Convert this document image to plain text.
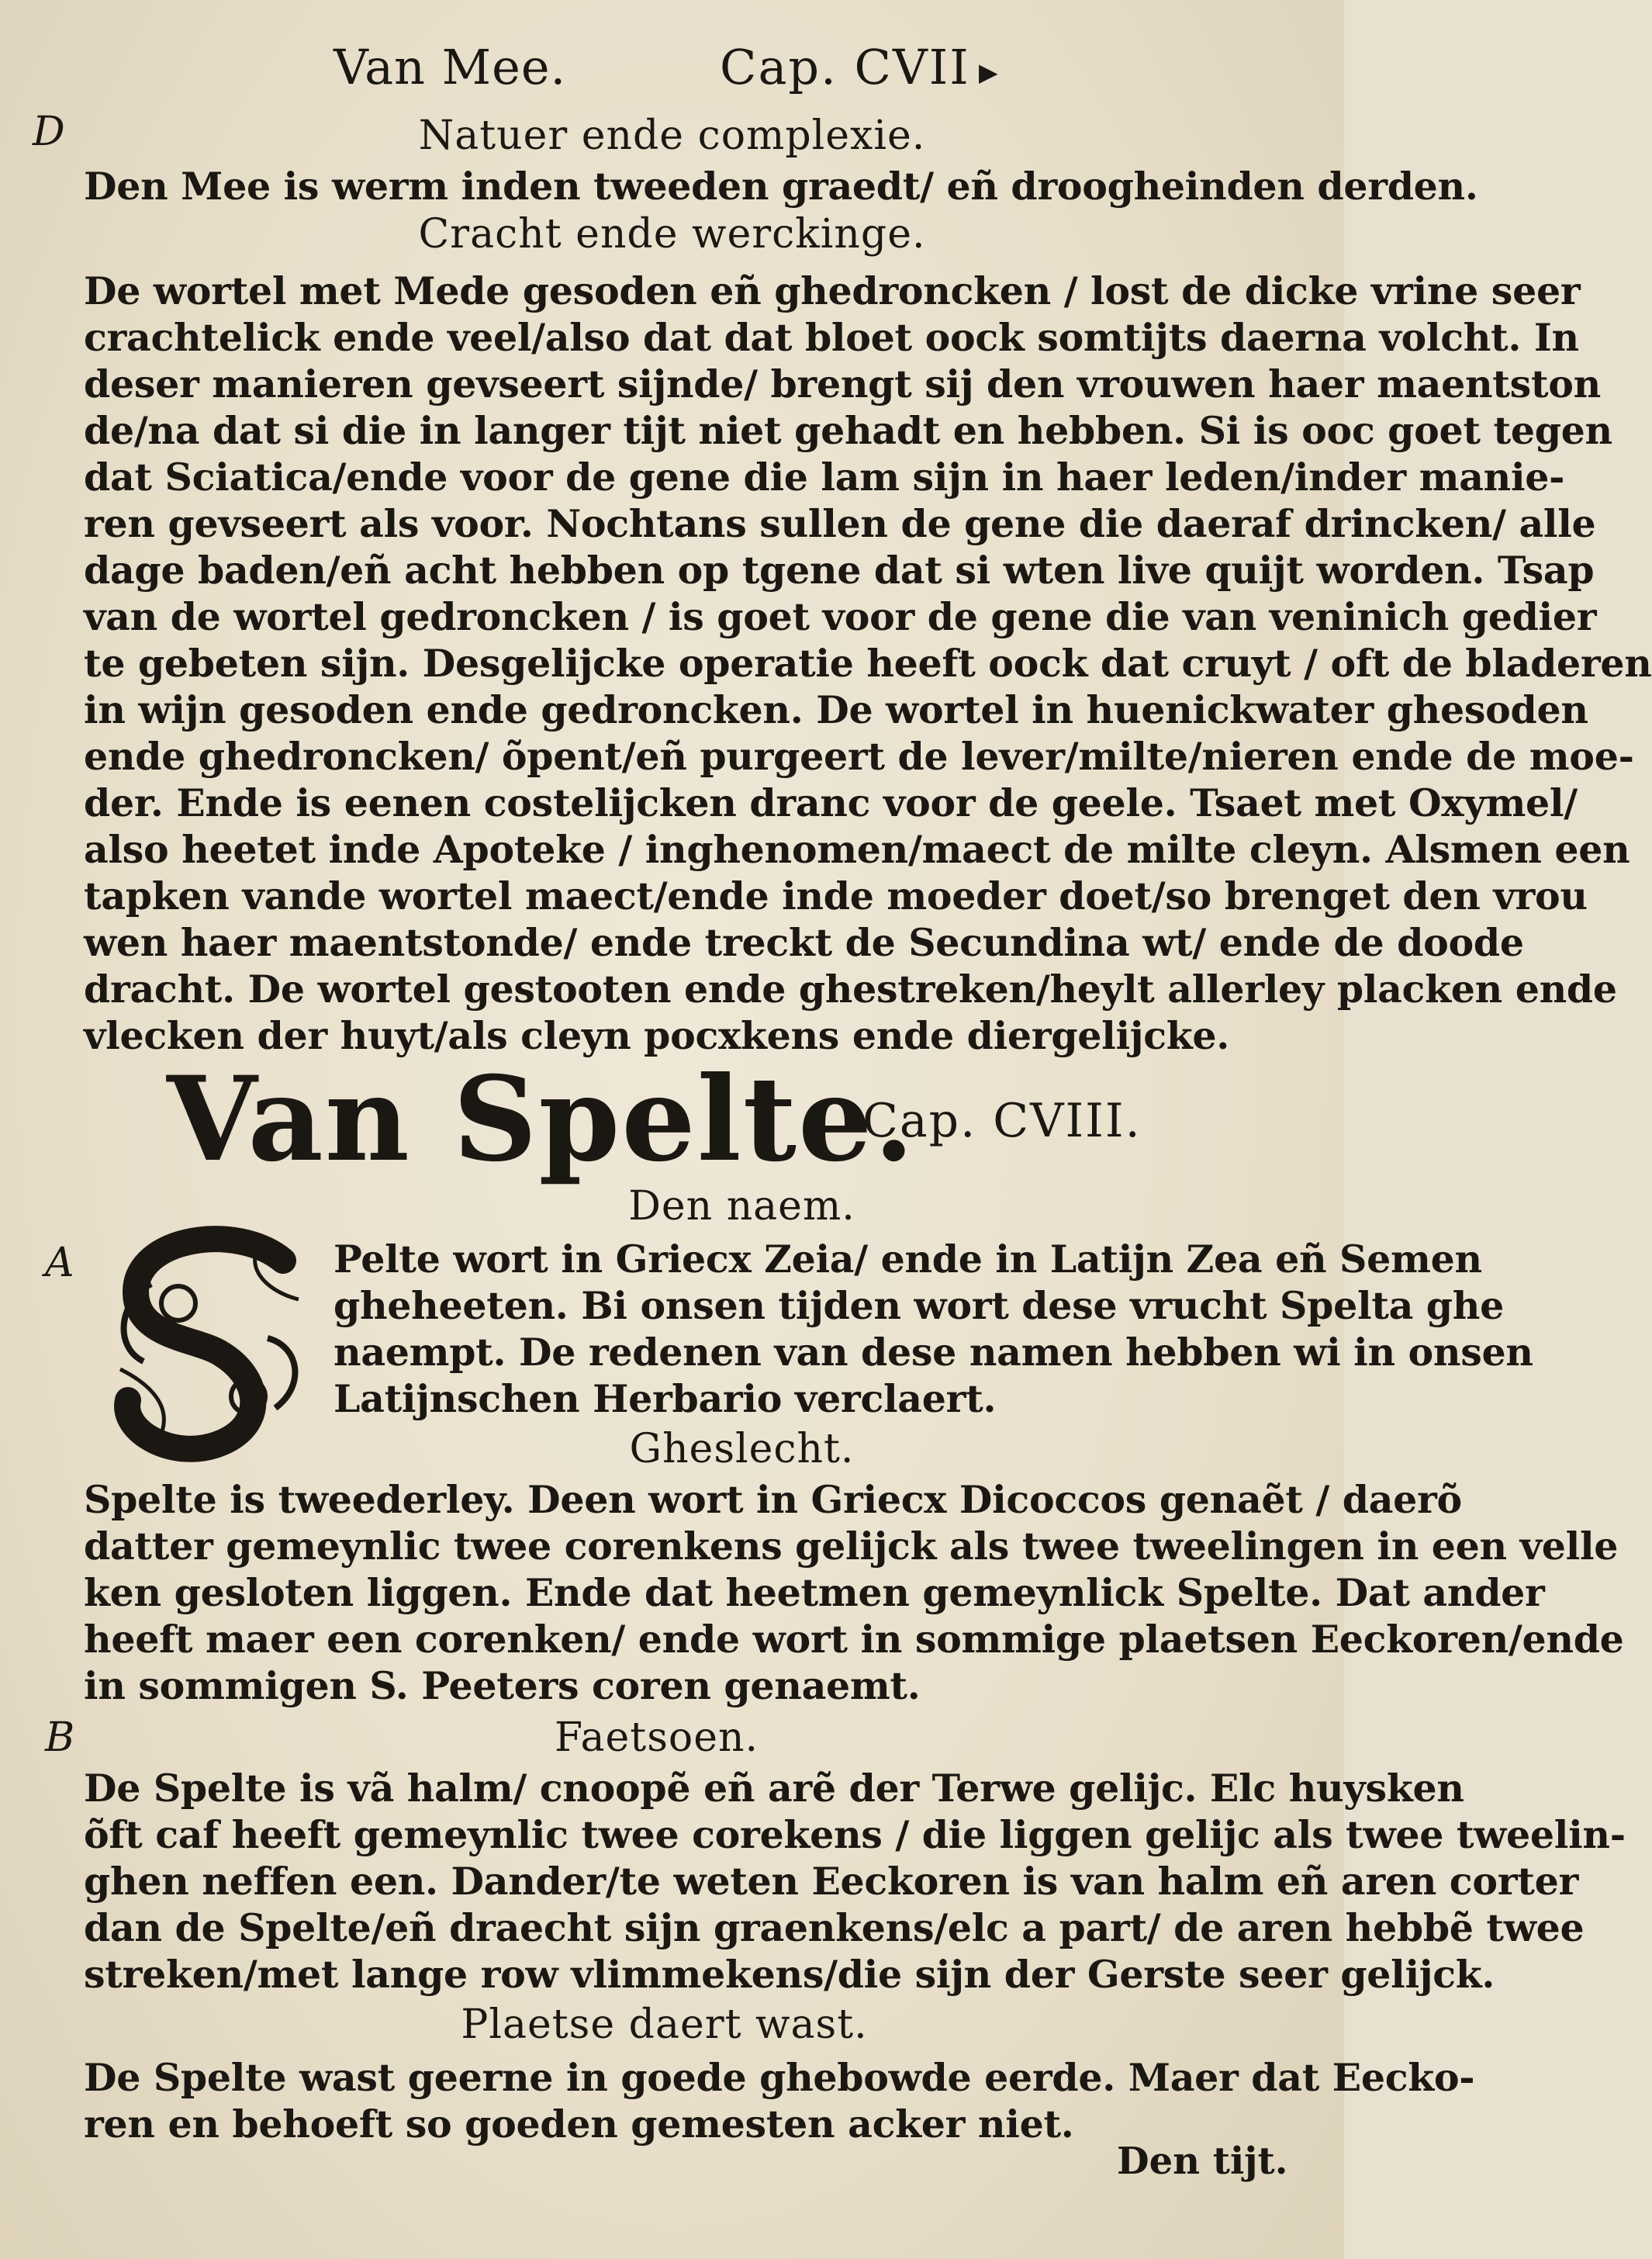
Van Mee.	Cap. CVII ▶
D	Natuer ende complexie.

Den Mee is werm inden tweeden graedt/ eñ droogheinden derden.

Cracht ende werckinge.

De wortel met Mede gesoden eñ ghedroncken / lost de dicke vrine seer
crachtelick ende veel/also dat dat bloet oock somtijts daerna volcht. In
deser manieren gevseert sijnde/ brengt sij den vrouwen haer maentston
de/na dat si die in langer tijt niet gehadt en hebben. Si is ooc goet tegen
dat Sciatica/ende voor de gene die lam sijn in haer leden/inder manie-
ren gevseert als voor. Nochtans sullen de gene die daeraf drincken/ alle
dage baden/eñ acht hebben op tgene dat si wten live quijt worden. Tsap
van de wortel gedroncken / is goet voor de gene die van veninich gedier
te gebeten sijn. Desgelijcke operatie heeft oock dat cruyt / oft de bladeren
in wijn gesoden ende gedroncken. De wortel in huenickwater ghesoden
ende ghedroncken/ õpent/eñ purgeert de lever/milte/nieren ende de moe-
der. Ende is eenen costelijcken dranc voor de geele. Tsaet met Oxymel/
also heetet inde Apoteke / inghenomen/maect de milte cleyn. Alsmen een
tapken vande wortel maect/ende inde moeder doet/so brenget den vrou
wen haer maentstonde/ ende treckt de Secundina wt/ ende de doode
dracht. De wortel gestooten ende ghestreken/heylt allerley placken ende
vlecken der huyt/als cleyn pocxkens ende diergelijcke.

Van Spelte.
Cap. CVIII.
Den naem.
A	Pelte wort in Griecx Zeia/ ende in Latijn Zea eñ Semen
gheheeten. Bi onsen tijden wort dese vrucht Spelta ghe
naempt. De redenen van dese namen hebben wi in onsen
Latijnschen Herbario verclaert.

Gheslecht.

Spelte is tweederley. Deen wort in Griecx Dicoccos genaẽt / daerõ
datter gemeynlic twee corenkens gelijck als twee tweelingen in een velle
ken gesloten liggen. Ende dat heetmen gemeynlick Spelte. Dat ander
heeft maer een corenken/ ende wort in sommige plaetsen Eeckoren/ende
in sommigen S. Peeters coren genaemt.

B	Faetsoen.

De Spelte is vã halm/ cnoopẽ eñ arẽ der Terwe gelijc. Elc huysken
õft caf heeft gemeynlic twee corekens / die liggen gelijc als twee tweelin-
ghen neffen een. Dander/te weten Eeckoren is van halm eñ aren corter
dan de Spelte/eñ draecht sijn graenkens/elc a part/ de aren hebbẽ twee
streken/met lange row vlimmekens/die sijn der Gerste seer gelijck.

Plaetse daert wast.

De Spelte wast geerne in goede ghebowde eerde. Maer dat Eecko-
ren en behoeft so goeden gemesten acker niet.

Den tijt.
